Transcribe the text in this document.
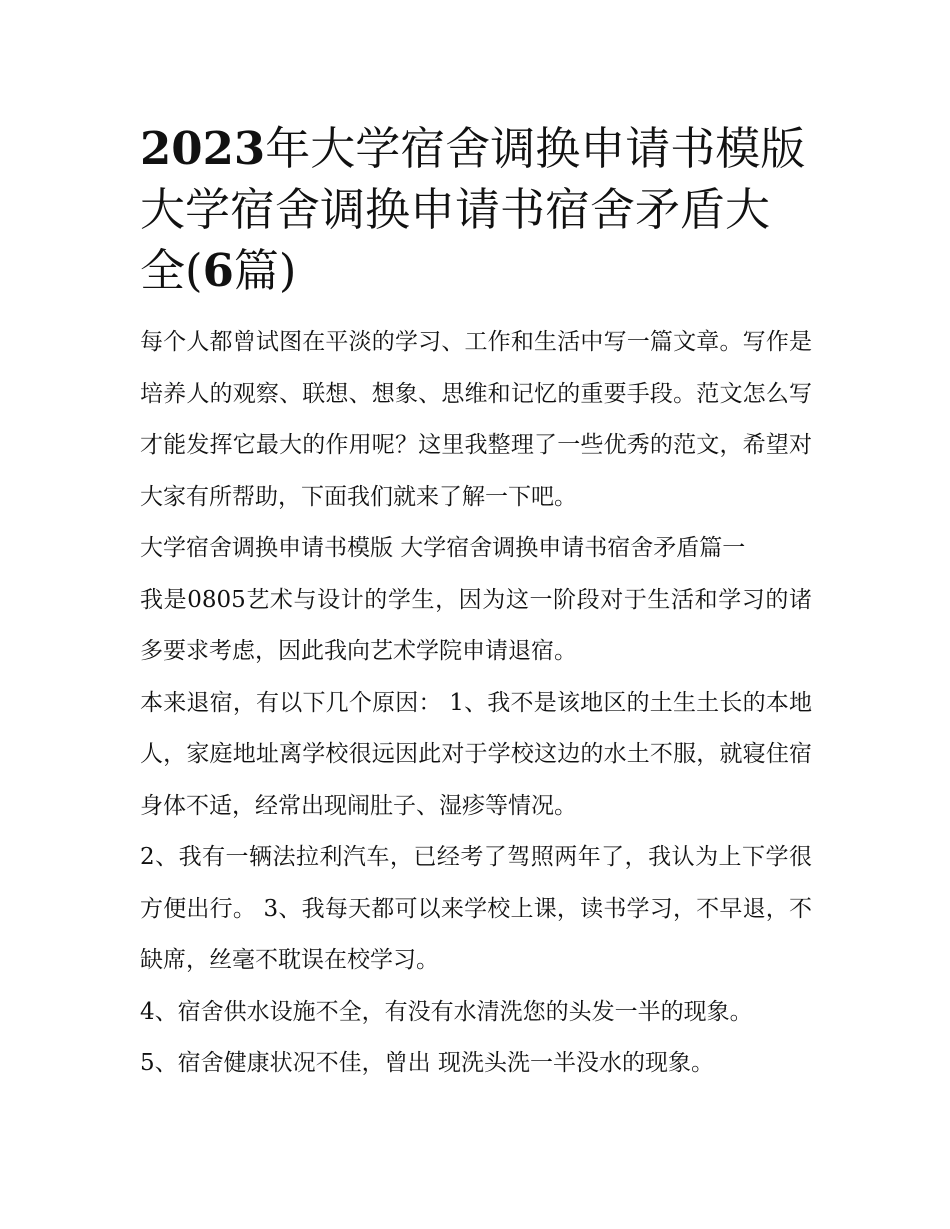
2023年大学宿舍调换申请书模版 大学宿舍调换申请书宿舍矛盾大全(6篇)

每个人都曾试图在平淡的学习、工作和生活中写一篇文章。写作是培养人的观察、联想、想象、思维和记忆的重要手段。范文怎么写才能发挥它最大的作用呢？这里我整理了一些优秀的范文，希望对大家有所帮助，下面我们就来了解一下吧。

大学宿舍调换申请书模版 大学宿舍调换申请书宿舍矛盾篇一

我是0805艺术与设计的学生，因为这一阶段对于生活和学习的诸多要求考虑，因此我向艺术学院申请退宿。

本来退宿，有以下几个原因： 1、我不是该地区的土生土长的本地人，家庭地址离学校很远因此对于学校这边的水土不服，就寝住宿身体不适，经常出现闹肚子、湿疹等情况。

2、我有一辆法拉利汽车，已经考了驾照两年了，我认为上下学很方便出行。 3、我每天都可以来学校上课，读书学习，不早退，不缺席，丝毫不耽误在校学习。

4、宿舍供水设施不全，有没有水清洗您的头发一半的现象。

5、宿舍健康状况不佳，曾出 现洗头洗一半没水的现象。
